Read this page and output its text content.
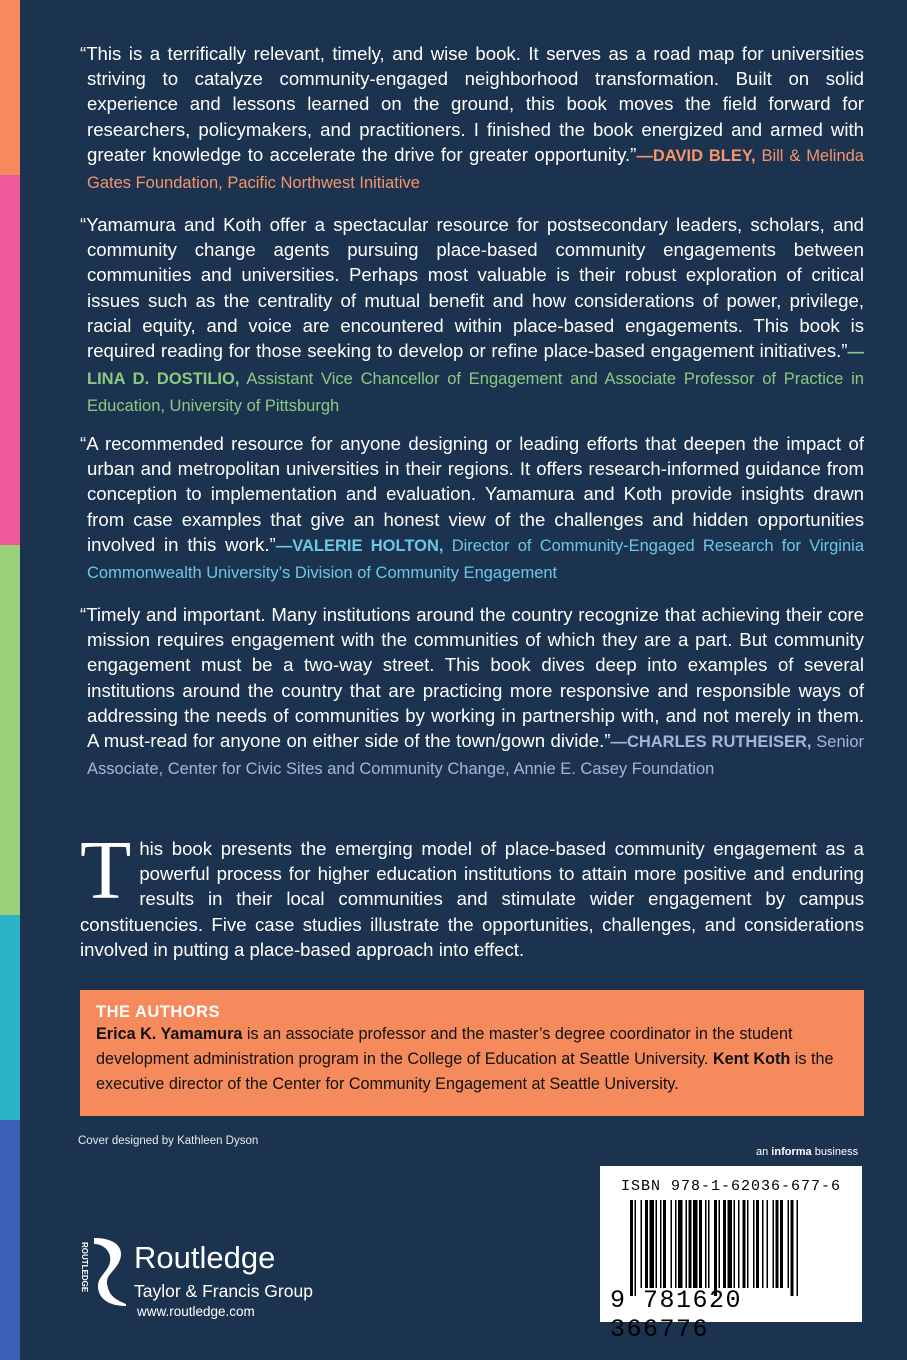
“This is a terrifically relevant, timely, and wise book. It serves as a road map for universities striving to catalyze community-engaged neighborhood transformation. Built on solid experience and lessons learned on the ground, this book moves the field forward for researchers, policymakers, and practitioners. I finished the book energized and armed with greater knowledge to accelerate the drive for greater opportunity.”—DAVID BLEY, Bill & Melinda Gates Foundation, Pacific Northwest Initiative
“Yamamura and Koth offer a spectacular resource for postsecondary leaders, scholars, and community change agents pursuing place-based community engagements between communities and universities. Perhaps most valuable is their robust exploration of critical issues such as the centrality of mutual benefit and how considerations of power, privilege, racial equity, and voice are encountered within place-based engagements. This book is required reading for those seeking to develop or refine place-based engagement initiatives.”—LINA D. DOSTILIO, Assistant Vice Chancellor of Engagement and Associate Professor of Practice in Education, University of Pittsburgh
“A recommended resource for anyone designing or leading efforts that deepen the impact of urban and metropolitan universities in their regions. It offers research-informed guidance from conception to implementation and evaluation. Yamamura and Koth provide insights drawn from case examples that give an honest view of the challenges and hidden opportunities involved in this work.”—VALERIE HOLTON, Director of Community-Engaged Research for Virginia Commonwealth University’s Division of Community Engagement
“Timely and important. Many institutions around the country recognize that achieving their core mission requires engagement with the communities of which they are a part. But community engagement must be a two-way street. This book dives deep into examples of several institutions around the country that are practicing more responsive and responsible ways of addressing the needs of communities by working in partnership with, and not merely in them. A must-read for anyone on either side of the town/gown divide.”—CHARLES RUTHEISER, Senior Associate, Center for Civic Sites and Community Change, Annie E. Casey Foundation
This book presents the emerging model of place-based community engagement as a powerful process for higher education institutions to attain more positive and enduring results in their local communities and stimulate wider engagement by campus constituencies. Five case studies illustrate the opportunities, challenges, and considerations involved in putting a place-based approach into effect.
THE AUTHORS
Erica K. Yamamura is an associate professor and the master’s degree coordinator in the student development administration program in the College of Education at Seattle University. Kent Koth is the executive director of the Center for Community Engagement at Seattle University.
Cover designed by Kathleen Dyson
an informa business
ISBN 978-1-62036-677-6
9 781620 366776
ROUTLEDGE Routledge
Taylor & Francis Group
www.routledge.com
